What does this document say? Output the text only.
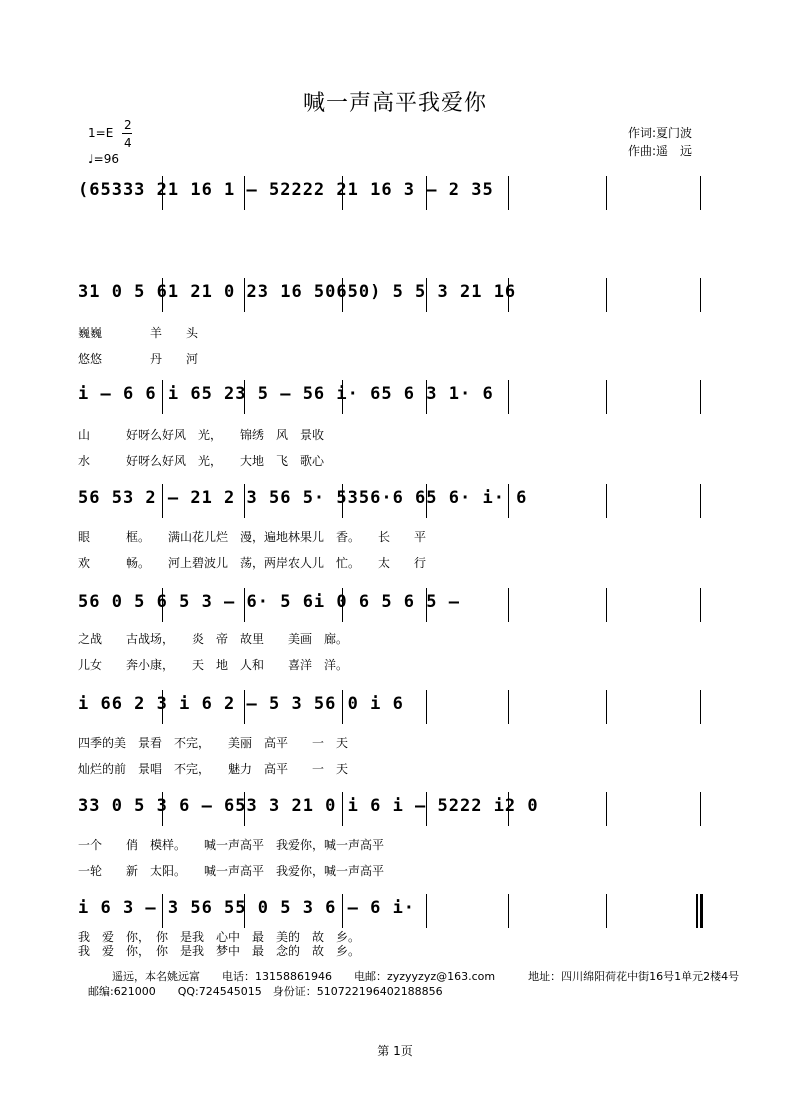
喊一声高平我爱你
1=E
2
4
♩=96
作词:夏门波
作曲:遥　远
(65333 21 16 1 — 52222 21 16 3 — 2 35
31 0 5 61 21 0 23 16 50650) 5 5 3 21 16
巍巍　　　　羊　　头
悠悠　　　　丹　　河
i — 6 6 i 65 23 5 — 56 i· 65 6 3 1· 6
山　　　好呀么好风　光，　　锦绣　风　景收
水　　　好呀么好风　光，　　大地　飞　歌心
56 53 2 — 21 2 3 56 5· 5356·6 65 6· i· 6
眼　　　框。　　满山花儿烂　漫，遍地林果儿　香。　　长　　平
欢　　　畅。　　河上碧波儿　荡，两岸农人儿　忙。　　太　　行
56 0 5 6 5 3 — 6· 5 6i 0 6 5 6 5 —
之战　　古战场，　　炎　帝　故里　　美画　廊。
儿女　　奔小康，　　天　地　人和　　喜洋　洋。
i 66 2 3 i 6 2 — 5 3 56 0 i 6
四季的美　景看　不完，　　美丽　高平　　一　天
灿烂的前　景唱　不完，　　魅力　高平　　一　天
33 0 5 3 6 — 653 3 21 0 i 6 i — 5222 i2 0
一个　　俏　模样。　　喊一声高平　我爱你，喊一声高平
一轮　　新　太阳。　　喊一声高平　我爱你，喊一声高平
i 6 3 — 3 56 55 0 5 3 6 — 6 i·
我　爱　你，　你　是我　心中　最　美的　故　乡。
我　爱　你，　你　是我　梦中　最　念的　故　乡。
遥远，本名姚远富　　电话：13158861946　　电邮：zyzyyzyz@163.com　　　地址：四川绵阳荷花中街16号1单元2楼4号
邮编:621000　　QQ:724545015　身份证：510722196402188856
第 1页
